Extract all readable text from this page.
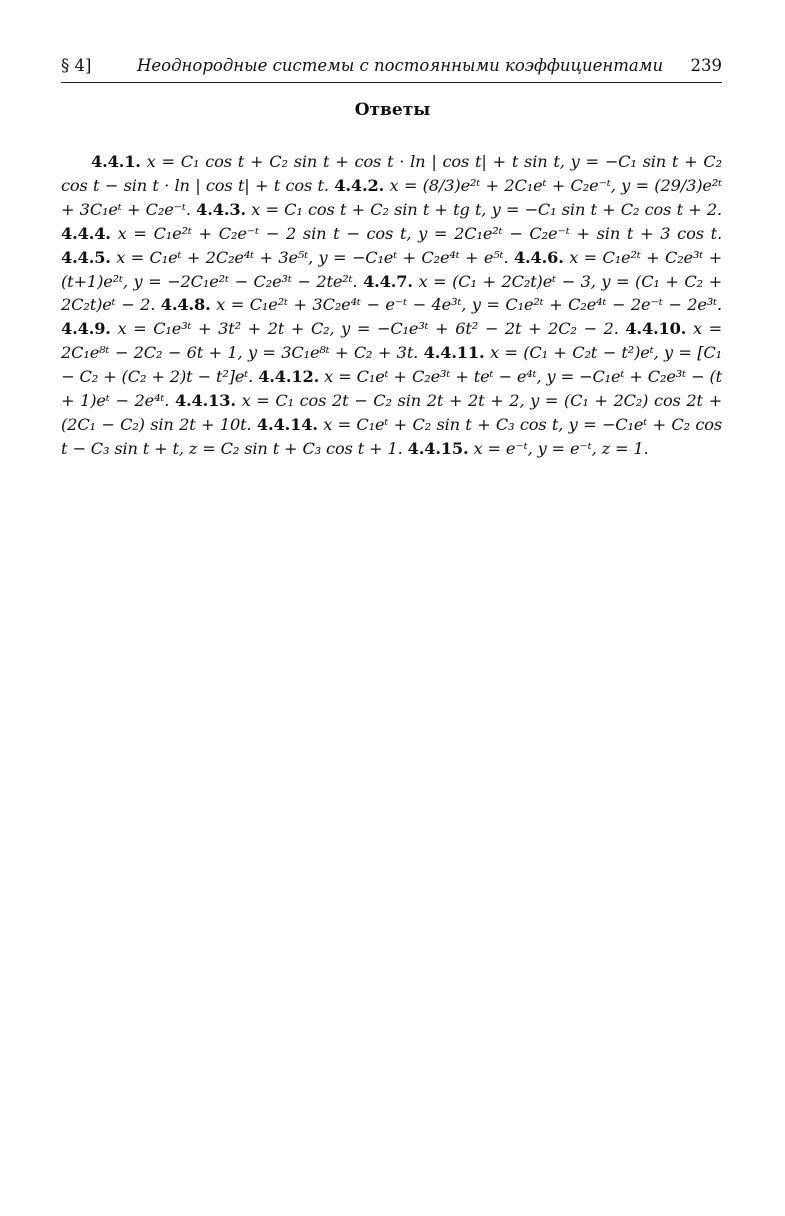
§ 4]	Неоднородные системы с постоянными коэффициентами 239
Ответы
4.4.1. x = C₁ cos t + C₂ sin t + cos t · ln | cos t| + t sin t, y = −C₁ sin t + C₂ cos t − sin t · ln | cos t| + t cos t. 4.4.2. x = (8/3)e²ᵗ + 2C₁eᵗ + C₂e⁻ᵗ, y = (29/3)e²ᵗ + 3C₁eᵗ + C₂e⁻ᵗ. 4.4.3. x = C₁ cos t + C₂ sin t + tg t, y = −C₁ sin t + C₂ cos t + 2. 4.4.4. x = C₁e²ᵗ + C₂e⁻ᵗ − 2 sin t − cos t, y = 2C₁e²ᵗ − C₂e⁻ᵗ + sin t + 3 cos t. 4.4.5. x = C₁eᵗ + 2C₂e⁴ᵗ + 3e⁵ᵗ, y = −C₁eᵗ + C₂e⁴ᵗ + e⁵ᵗ. 4.4.6. x = C₁e²ᵗ + C₂e³ᵗ + (t+1)e²ᵗ, y = −2C₁e²ᵗ − C₂e³ᵗ − 2te²ᵗ. 4.4.7. x = (C₁ + 2C₂t)eᵗ − 3, y = (C₁ + C₂ + 2C₂t)eᵗ − 2. 4.4.8. x = C₁e²ᵗ + 3C₂e⁴ᵗ − e⁻ᵗ − 4e³ᵗ, y = C₁e²ᵗ + C₂e⁴ᵗ − 2e⁻ᵗ − 2e³ᵗ. 4.4.9. x = C₁e³ᵗ + 3t² + 2t + C₂, y = −C₁e³ᵗ + 6t² − 2t + 2C₂ − 2. 4.4.10. x = 2C₁e⁸ᵗ − 2C₂ − 6t + 1, y = 3C₁e⁸ᵗ + C₂ + 3t. 4.4.11. x = (C₁ + C₂t − t²)eᵗ, y = [C₁ − C₂ + (C₂ + 2)t − t²]eᵗ. 4.4.12. x = C₁eᵗ + C₂e³ᵗ + teᵗ − e⁴ᵗ, y = −C₁eᵗ + C₂e³ᵗ − (t + 1)eᵗ − 2e⁴ᵗ. 4.4.13. x = C₁ cos 2t − C₂ sin 2t + 2t + 2, y = (C₁ + 2C₂) cos 2t + (2C₁ − C₂) sin 2t + 10t. 4.4.14. x = C₁eᵗ + C₂ sin t + C₃ cos t, y = −C₁eᵗ + C₂ cos t − C₃ sin t + t, z = C₂ sin t + C₃ cos t + 1. 4.4.15. x = e⁻ᵗ, y = e⁻ᵗ, z = 1.
